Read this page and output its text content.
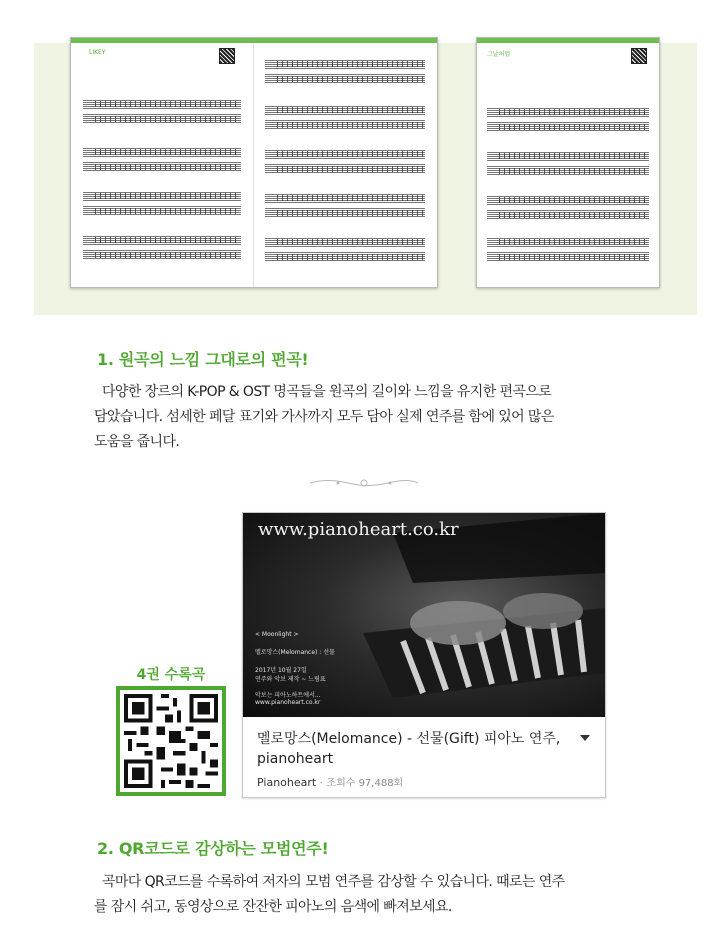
LIKEY	그날처럼
1. 원곡의 느낌 그대로의 편곡!

다양한 장르의 K-POP & OST 명곡들을 원곡의 길이와 느낌을 유지한 편곡으로
담았습니다. 섬세한 페달 표기와 가사까지 모두 담아 실제 연주를 함에 있어 많은
도움을 줍니다.

4권 수록곡
www.pianoheart.co.kr
< Moonlight >
멜로망스(Melomance) : 선물
2017년 10월 27일
연주와 악보 제작 ~ 느림표
악보는 피아노하트에서...
www.pianoheart.co.kr

멜로망스(Melomance) - 선물(Gift) 피아노 연주, pianoheart

Pianoheart · 조회수 97,488회
2. QR코드로 감상하는 모범연주!

곡마다 QR코드를 수록하여 저자의 모범 연주를 감상할 수 있습니다. 때로는 연주
를 잠시 쉬고, 동영상으로 잔잔한 피아노의 음색에 빠져보세요.
